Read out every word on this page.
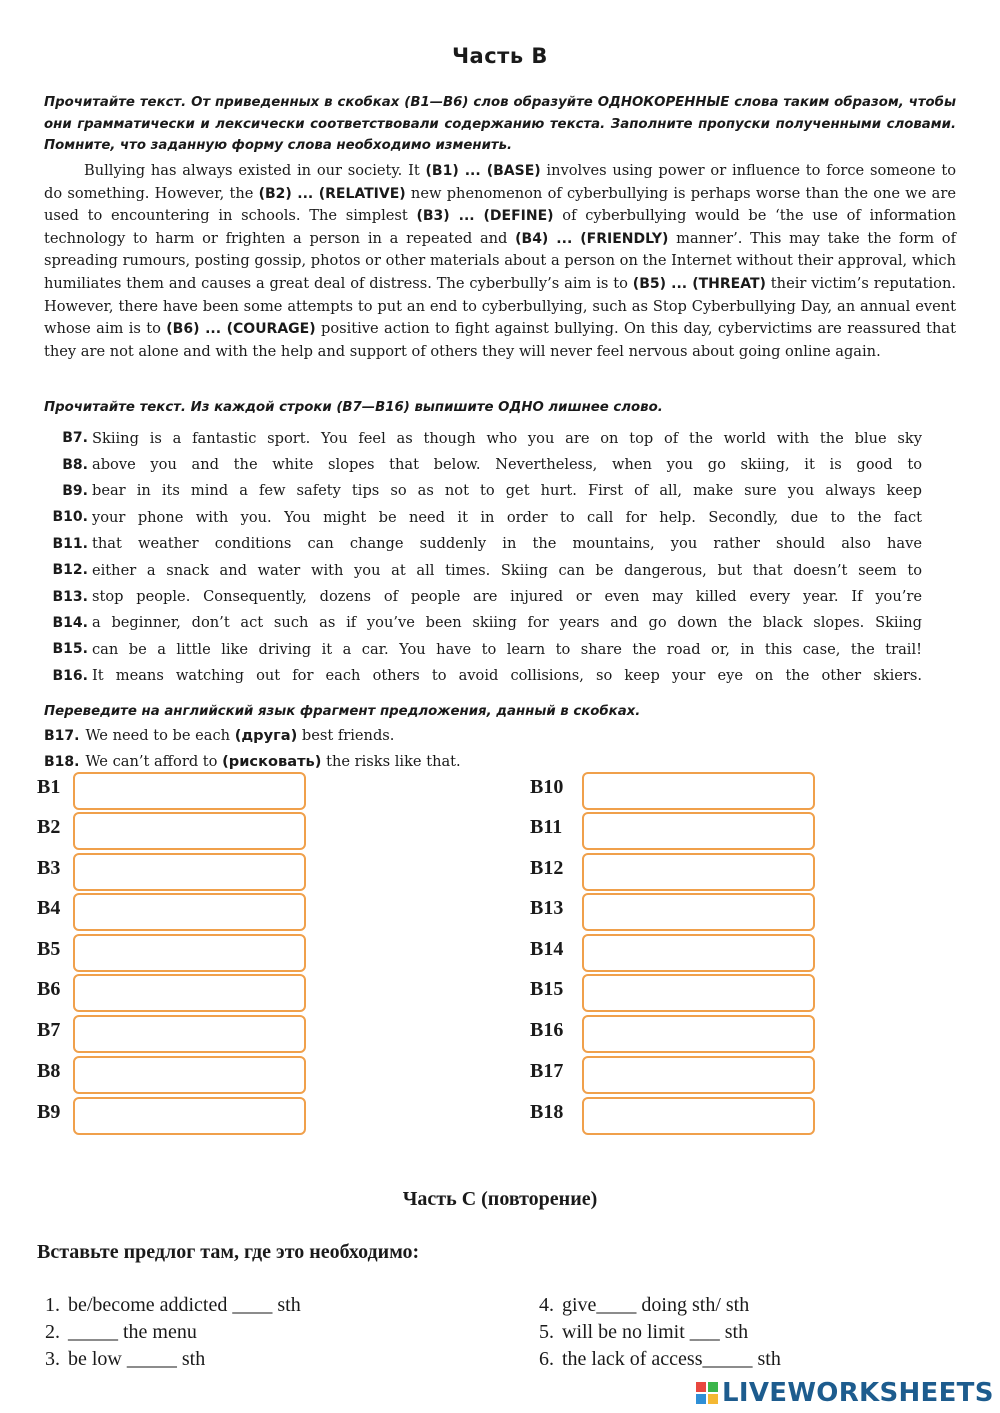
Часть В
Прочитайте текст. От приведенных в скобках (В1—В6) слов образуйте ОДНОКОРЕННЫЕ слова таким образом, чтобы они грамматически и лексически соответствовали содержанию текста. Заполните пропуски полученными словами. Помните, что заданную форму слова необходимо изменить.
Bullying has always existed in our society. It (B1) ... (BASE) involves using power or influence to force someone to do something. However, the (B2) ... (RELATIVE) new phenomenon of cyberbullying is perhaps worse than the one we are used to encountering in schools. The simplest (B3) ... (DEFINE) of cyberbullying would be ‘the use of information technology to harm or frighten a person in a repeated and (B4) ... (FRIENDLY) manner’. This may take the form of spreading rumours, posting gossip, photos or other materials about a person on the Internet without their approval, which humiliates them and causes a great deal of distress. The cyberbully’s aim is to (B5) ... (THREAT) their victim’s reputation. However, there have been some attempts to put an end to cyberbullying, such as Stop Cyberbullying Day, an annual event whose aim is to (B6) ... (COURAGE) positive action to fight against bullying. On this day, cybervictims are reassured that they are not alone and with the help and support of others they will never feel nervous about going online again.
Прочитайте текст. Из каждой строки (В7—В16) выпишите ОДНО лишнее слово.
B7. Skiing is a fantastic sport. You feel as though who you are on top of the world with the blue sky
B8. above you and the white slopes that below. Nevertheless, when you go skiing, it is good to
B9. bear in its mind a few safety tips so as not to get hurt. First of all, make sure you always keep
B10. your phone with you. You might be need it in order to call for help. Secondly, due to the fact
B11. that weather conditions can change suddenly in the mountains, you rather should also have
B12. either a snack and water with you at all times. Skiing can be dangerous, but that doesn’t seem to
B13. stop people. Consequently, dozens of people are injured or even may killed every year. If you’re
B14. a beginner, don’t act such as if you’ve been skiing for years and go down the black slopes. Skiing
B15. can be a little like driving it a car. You have to learn to share the road or, in this case, the trail!
B16. It means watching out for each others to avoid collisions, so keep your eye on the other skiers.
Переведите на английский язык фрагмент предложения, данный в скобках.
B17. We need to be each (друга) best friends.
B18. We can’t afford to (рисковать) the risks like that.
B1
B2
B3
B4
B5
B6
B7
B8
B9
B10
B11
B12
B13
B14
B15
B16
B17
B18
Часть С (повторение)
Вставьте предлог там, где это необходимо:
1. be/become addicted ____ sth
2. _____ the menu
3. be low _____ sth
4. give____ doing sth/ sth
5. will be no limit ___ sth
6. the lack of access_____ sth
LIVEWORKSHEETS
